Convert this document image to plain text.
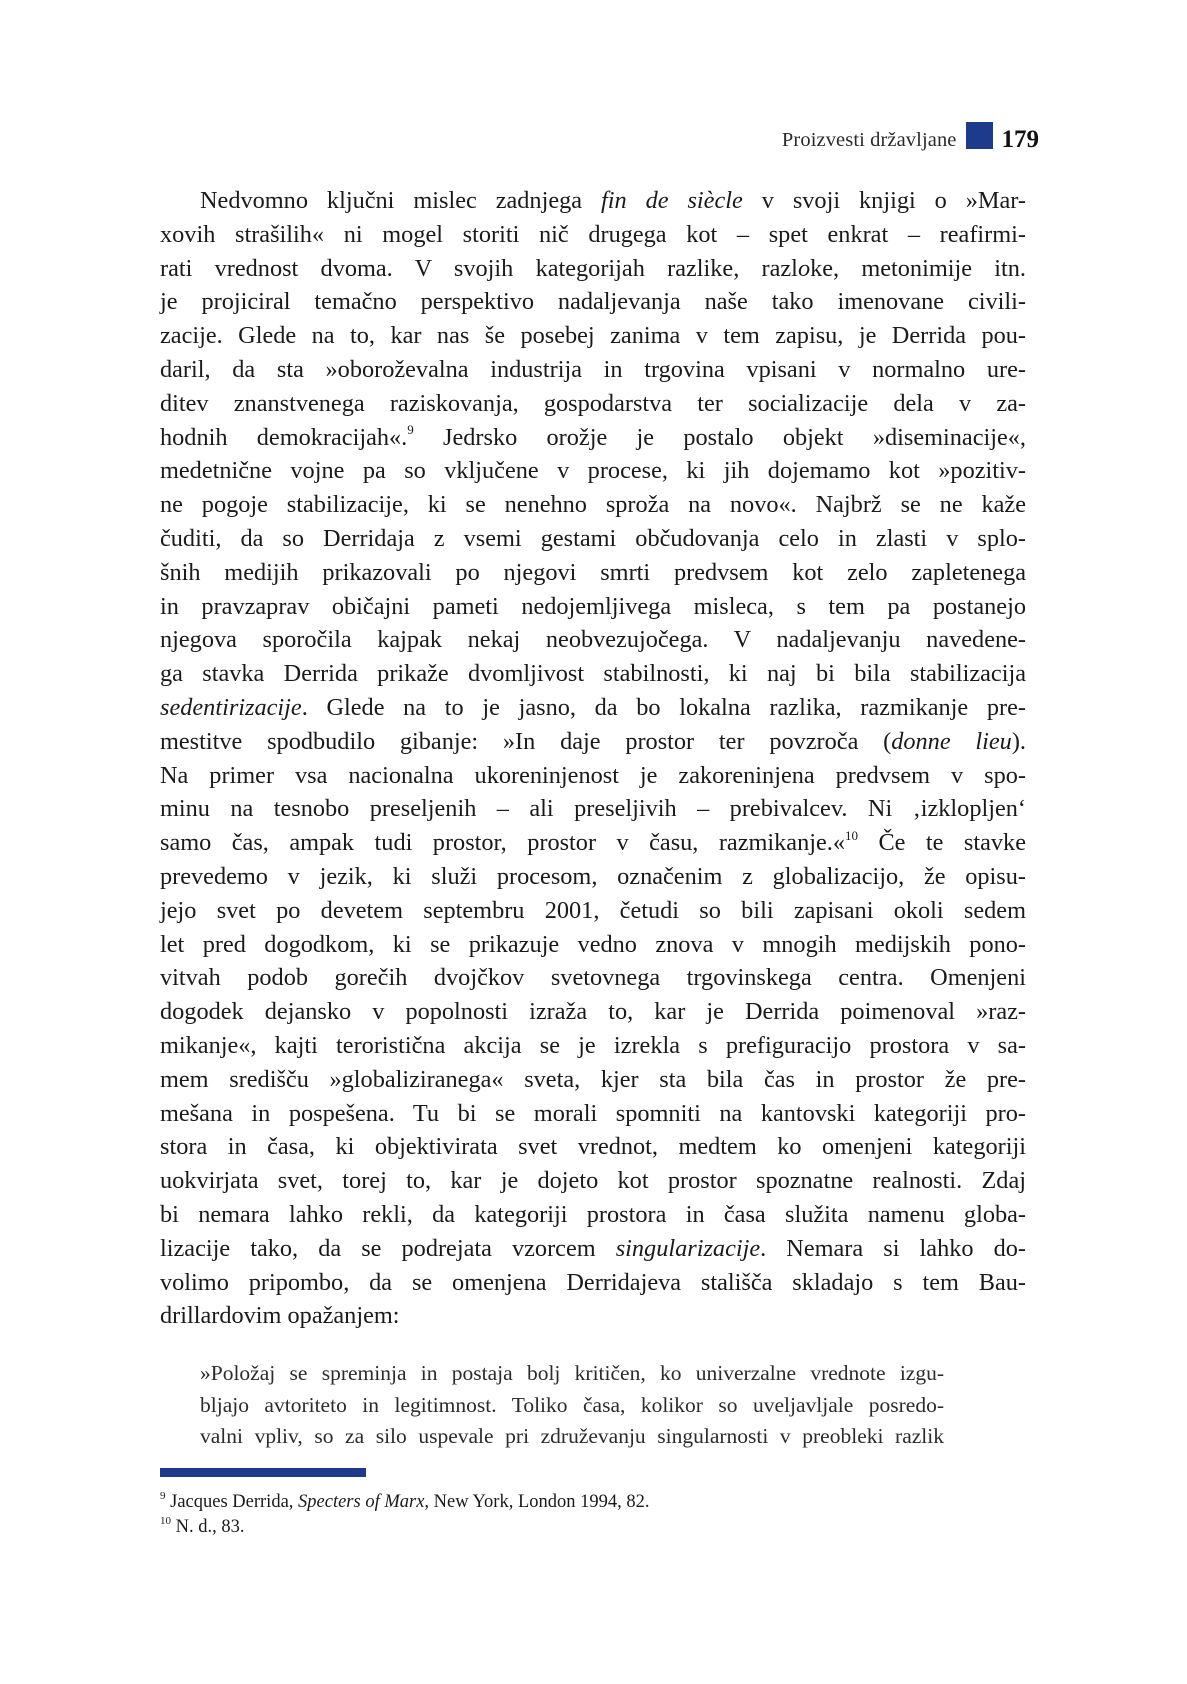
Proizvesti državljane 179
Nedvomno ključni mislec zadnjega fin de siècle v svoji knjigi o »Mar-
xovih strašilih« ni mogel storiti nič drugega kot – spet enkrat – reafirmi-
rati vrednost dvoma. V svojih kategorijah razlike, razloke, metonimije itn.
je projiciral temačno perspektivo nadaljevanja naše tako imenovane civili-
zacije. Glede na to, kar nas še posebej zanima v tem zapisu, je Derrida pou-
daril, da sta »oboroževalna industrija in trgovina vpisani v normalno ure-
ditev znanstvenega raziskovanja, gospodarstva ter socializacije dela v za-
hodnih demokracijah«.$^9$ Jedrsko orožje je postalo objekt »diseminacije«,
medetnične vojne pa so vključene v procese, ki jih dojemamo kot »pozitiv-
ne pogoje stabilizacije, ki se nenehno sproža na novo«. Najbrž se ne kaže
čuditi, da so Derridaja z vsemi gestami občudovanja celo in zlasti v splo-
šnih medijih prikazovali po njegovi smrti predvsem kot zelo zapletenega
in pravzaprav običajni pameti nedojemljivega misleca, s tem pa postanejo
njegova sporočila kajpak nekaj neobvezujočega. V nadaljevanju navedene-
ga stavka Derrida prikaže dvomljivost stabilnosti, ki naj bi bila stabilizacija
sedentirizacije. Glede na to je jasno, da bo lokalna razlika, razmikanje pre-
mestitve spodbudilo gibanje: »In daje prostor ter povzroča (donne lieu).
Na primer vsa nacionalna ukoreninjenost je zakoreninjena predvsem v spo-
minu na tesnobo preseljenih – ali preseljivih – prebivalcev. Ni ‚izklopljen‘
samo čas, ampak tudi prostor, prostor v času, razmikanje.«$^{10}$ Če te stavke
prevedemo v jezik, ki služi procesom, označenim z globalizacijo, že opisu-
jejo svet po devetem septembru 2001, četudi so bili zapisani okoli sedem
let pred dogodkom, ki se prikazuje vedno znova v mnogih medijskih pono-
vitvah podob gorečih dvojčkov svetovnega trgovinskega centra. Omenjeni
dogodek dejansko v popolnosti izraža to, kar je Derrida poimenoval »raz-
mikanje«, kajti teroristična akcija se je izrekla s prefiguracijo prostora v sa-
mem središču »globaliziranega« sveta, kjer sta bila čas in prostor že pre-
mešana in pospešena. Tu bi se morali spomniti na kantovski kategoriji pro-
stora in časa, ki objektivirata svet vrednot, medtem ko omenjeni kategoriji
uokvirjata svet, torej to, kar je dojeto kot prostor spoznatne realnosti. Zdaj
bi nemara lahko rekli, da kategoriji prostora in časa služita namenu globa-
lizacije tako, da se podrejata vzorcem singularizacije. Nemara si lahko do-
volimo pripombo, da se omenjena Derridajeva stališča skladajo s tem Bau-
drillardovim opažanjem:
»Položaj se spreminja in postaja bolj kritičen, ko univerzalne vrednote izgu-
bljajo avtoriteto in legitimnost. Toliko časa, kolikor so uveljavljale posredo-
valni vpliv, so za silo uspevale pri združevanju singularnosti v preobleki razlik
$^9$ Jacques Derrida, Specters of Marx, New York, London 1994, 82.
$^{10}$ N. d., 83.
